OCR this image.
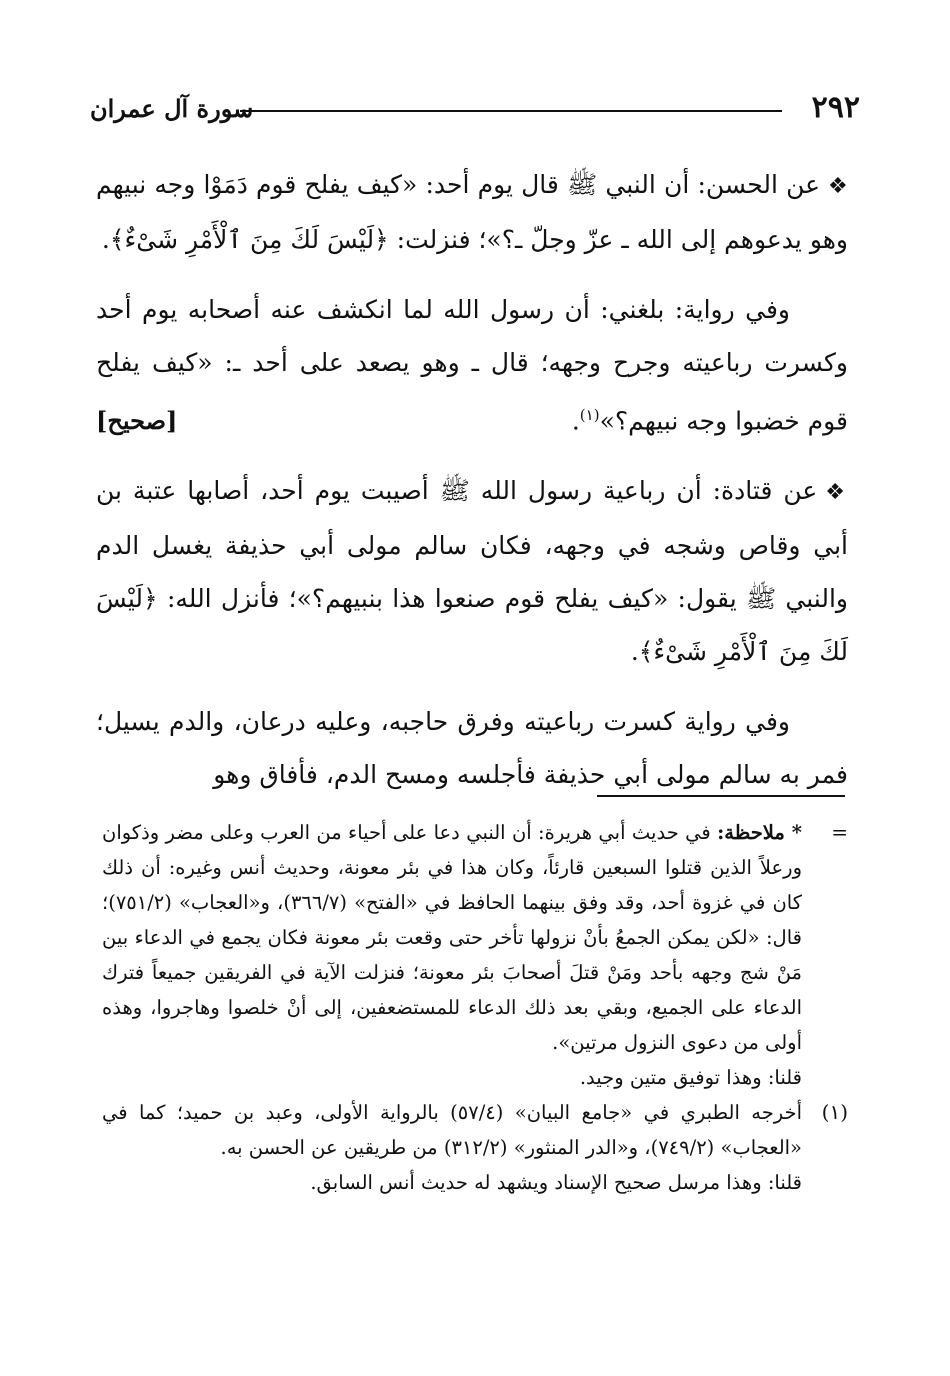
٢٩٢
سورة آل عمران

❖عن الحسن: أن النبي ﷺ قال يوم أحد: «كيف يفلح قوم دَمَوْا وجه نبيهم وهو يدعوهم إلى الله ـ عزّ وجلّ ـ؟»؛ فنزلت: ﴿لَيْسَ لَكَ مِنَ ٱلْأَمْرِ شَىْءٌ﴾.

وفي رواية: بلغني: أن رسول الله لما انكشف عنه أصحابه يوم أحد وكسرت رباعيته وجرح وجهه؛ قال ـ وهو يصعد على أحد ـ: «كيف يفلح قوم خضبوا وجه نبيهم؟»$^{(١)}$.
[صحيح]

❖عن قتادة: أن رباعية رسول الله ﷺ أصيبت يوم أحد، أصابها عتبة بن أبي وقاص وشجه في وجهه، فكان سالم مولى أبي حذيفة يغسل الدم والنبي ﷺ يقول: «كيف يفلح قوم صنعوا هذا بنبيهم؟»؛ فأنزل الله: ﴿لَيْسَ لَكَ مِنَ ٱلْأَمْرِ شَىْءٌ﴾.

وفي رواية كسرت رباعيته وفرق حاجبه، وعليه درعان، والدم يسيل؛ فمر به سالم مولى أبي حذيفة فأجلسه ومسح الدم، فأفاق وهو

=
* ملاحظة: في حديث أبي هريرة: أن النبي دعا على أحياء من العرب وعلى مضر وذكوان ورعلاً الذين قتلوا السبعين قارئاً، وكان هذا في بئر معونة، وحديث أنس وغيره: أن ذلك كان في غزوة أحد، وقد وفق بينهما الحافظ في «الفتح» (٣٦٦/٧)، و«العجاب» (٧٥١/٢)؛ قال: «لكن يمكن الجمعُ بأنْ نزولها تأخر حتى وقعت بئر معونة فكان يجمع في الدعاء بين مَنْ شج وجهه بأحد ومَنْ قتلَ أصحابَ بئر معونة؛ فنزلت الآية في الفريقين جميعاً فترك الدعاء على الجميع، وبقي بعد ذلك الدعاء للمستضعفين، إلى أنْ خلصوا وهاجروا، وهذه أولى من دعوى النزول مرتين».

قلنا: وهذا توفيق متين وجيد.

(١)
أخرجه الطبري في «جامع البيان» (٥٧/٤) بالرواية الأولى، وعبد بن حميد؛ كما في «العجاب» (٧٤٩/٢)، و«الدر المنثور» (٣١٢/٢) من طريقين عن الحسن به.

قلنا: وهذا مرسل صحيح الإسناد ويشهد له حديث أنس السابق.
